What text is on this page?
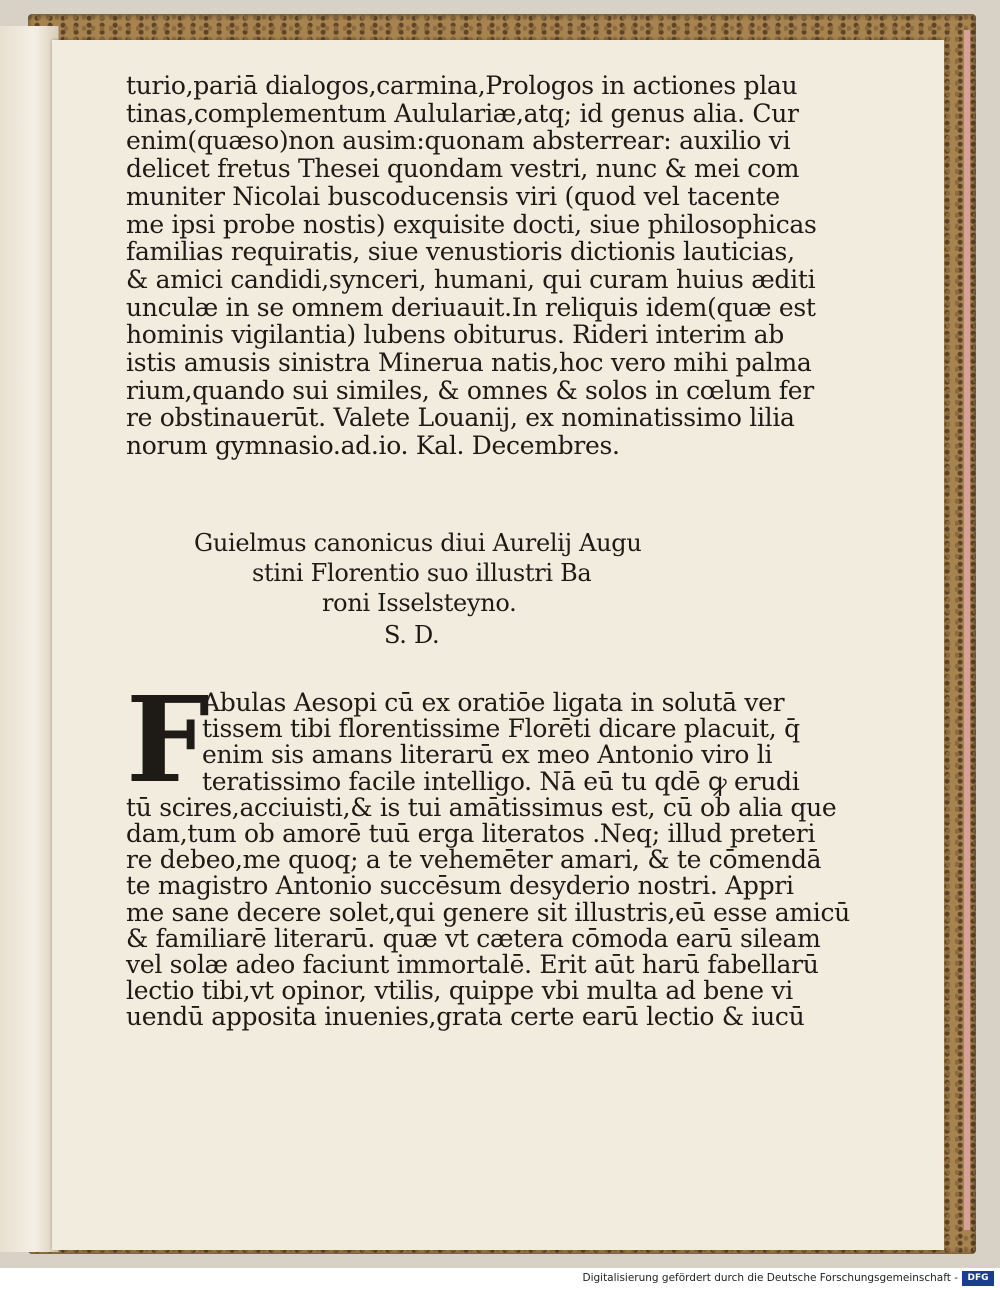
turio,pariā dialogos,carmina,Prologos in actiones plau
tinas,complementum Aululariæ,atq; id genus alia. Cur
enim(quæso)non ausim:quonam absterrear: auxilio vi
delicet fretus Thesei quondam vestri, nunc & mei com
muniter Nicolai buscoducensis viri (quod vel tacente
me ipsi probe nostis) exquisite docti, siue philosophicas
familias requiratis, siue venustioris dictionis lauticias,
& amici candidi,synceri, humani, qui curam huius æditi
unculæ in se omnem deriuauit.In reliquis idem(quæ est
hominis vigilantia) lubens obiturus. Rideri interim ab
istis amusis sinistra Minerua natis,hoc vero mihi palma
rium,quando sui similes, & omnes & solos in cœlum fer
re obstinauerūt. Valete Louanij, ex nominatissimo lilia
norum gymnasio.ad.io. Kal. Decembres.
Guielmus canonicus diui Aurelij Augu
stini Florentio suo illustri Ba
roni Isselsteyno.
S. D.
F
Abulas Aesopi cū ex oratiōe ligata in solutā ver
tissem tibi florentissime Florēti dicare placuit, q̄
enim sis amans literarū ex meo Antonio viro li
teratissimo facile intelligo. Nā eū tu qdē ꝙ erudi
tū scires,acciuisti,& is tui amātissimus est, cū ob alia que
dam,tum ob amorē tuū erga literatos .Neq; illud preteri
re debeo,me quoq; a te vehemēter amari, & te cōmendā
te magistro Antonio succēsum desyderio nostri. Appri
me sane decere solet,qui genere sit illustris,eū esse amicū
& familiarē literarū. quæ vt cætera cōmoda earū sileam
vel solæ adeo faciunt immortalē. Erit aūt harū fabellarū
lectio tibi,vt opinor, vtilis, quippe vbi multa ad bene vi
uendū apposita inuenies,grata certe earū lectio & iucū
Digitalisierung gefördert durch die Deutsche Forschungsgemeinschaft -	DFG
